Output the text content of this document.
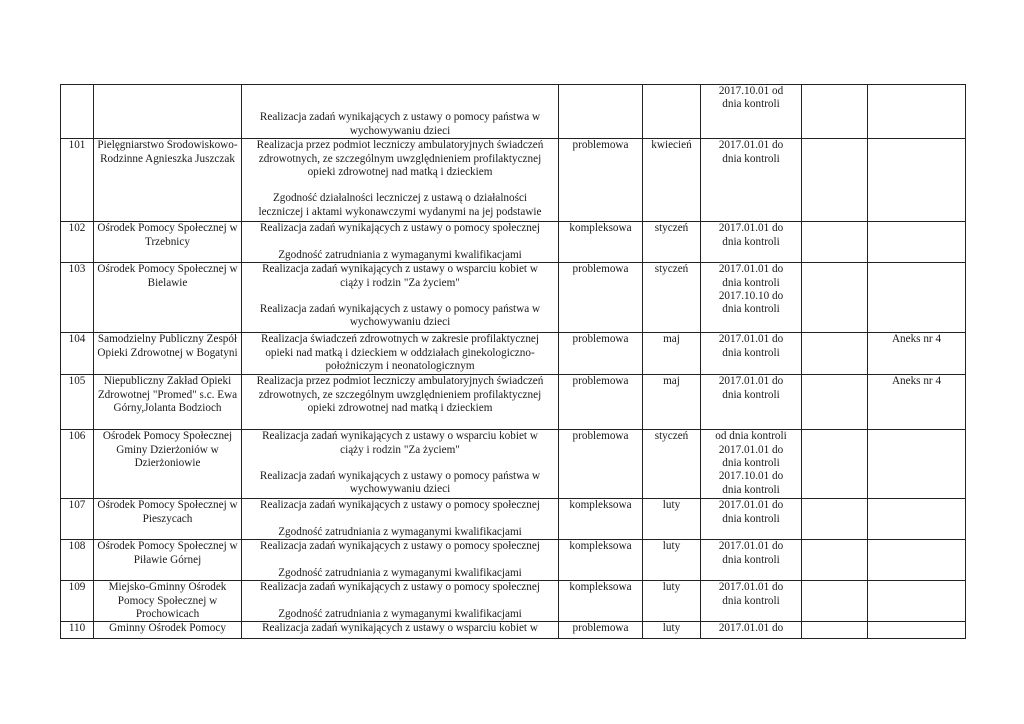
		Realizacja zadań wynikających z ustawy o pomocy państwa w
wychowywaniu dzieci			2017.10.01 od
dnia kontroli		

101	Pielęgniarstwo Środowiskowo-Rodzinne Agnieszka Juszczak	Realizacja przez podmiot leczniczy ambulatoryjnych świadczeń
zdrowotnych, ze szczególnym uwzględnieniem profilaktycznej
opieki zdrowotnej nad matką i dzieckiem
Zgodność działalności leczniczej z ustawą o działalności
leczniczej i aktami wykonawczymi wydanymi na jej podstawie	problemowa	kwiecień	2017.01.01 do
dnia kontroli		

102	Ośrodek Pomocy Społecznej w Trzebnicy	Realizacja zadań wynikających z ustawy o pomocy społecznej
Zgodność zatrudniania z wymaganymi kwalifikacjami	kompleksowa	styczeń	2017.01.01 do
dnia kontroli		

103	Ośrodek Pomocy Społecznej w Bielawie	Realizacja zadań wynikających z ustawy o wsparciu kobiet w
ciąży i rodzin "Za życiem"
Realizacja zadań wynikających z ustawy o pomocy państwa w
wychowywaniu dzieci	problemowa	styczeń	2017.01.01 do
dnia kontroli
2017.10.10 do
dnia kontroli		

104	Samodzielny Publiczny Zespół Opieki Zdrowotnej w Bogatyni	Realizacja świadczeń zdrowotnych w zakresie profilaktycznej
opieki nad matką i dzieckiem w oddziałach ginekologiczno-
położniczym i neonatologicznym	problemowa	maj	2017.01.01 do
dnia kontroli		Aneks nr 4
105	Niepubliczny Zakład Opieki Zdrowotnej "Promed" s.c. Ewa Górny,Jolanta Bodzioch	Realizacja przez podmiot leczniczy ambulatoryjnych świadczeń
zdrowotnych, ze szczególnym uwzględnieniem profilaktycznej
opieki zdrowotnej nad matką i dzieckiem	problemowa	maj	2017.01.01 do
dnia kontroli		Aneks nr 4
106	Ośrodek Pomocy Społecznej Gminy Dzierżoniów w Dzierżoniowie	Realizacja zadań wynikających z ustawy o wsparciu kobiet w
ciąży i rodzin "Za życiem"
Realizacja zadań wynikających z ustawy o pomocy państwa w
wychowywaniu dzieci	problemowa	styczeń	od dnia kontroli
2017.01.01 do
dnia kontroli
2017.10.01 do
dnia kontroli		

107	Ośrodek Pomocy Społecznej w Pieszycach	Realizacja zadań wynikających z ustawy o pomocy społecznej
Zgodność zatrudniania z wymaganymi kwalifikacjami	kompleksowa	luty	2017.01.01 do
dnia kontroli		

108	Ośrodek Pomocy Społecznej w Piławie Górnej	Realizacja zadań wynikających z ustawy o pomocy społecznej
Zgodność zatrudniania z wymaganymi kwalifikacjami	kompleksowa	luty	2017.01.01 do
dnia kontroli		

109	Miejsko-Gminny Ośrodek Pomocy Społecznej w Prochowicach	Realizacja zadań wynikających z ustawy o pomocy społecznej
Zgodność zatrudniania z wymaganymi kwalifikacjami	kompleksowa	luty	2017.01.01 do
dnia kontroli		

110	Gminny Ośrodek Pomocy	Realizacja zadań wynikających z ustawy o wsparciu kobiet w	problemowa	luty	2017.01.01 do		
